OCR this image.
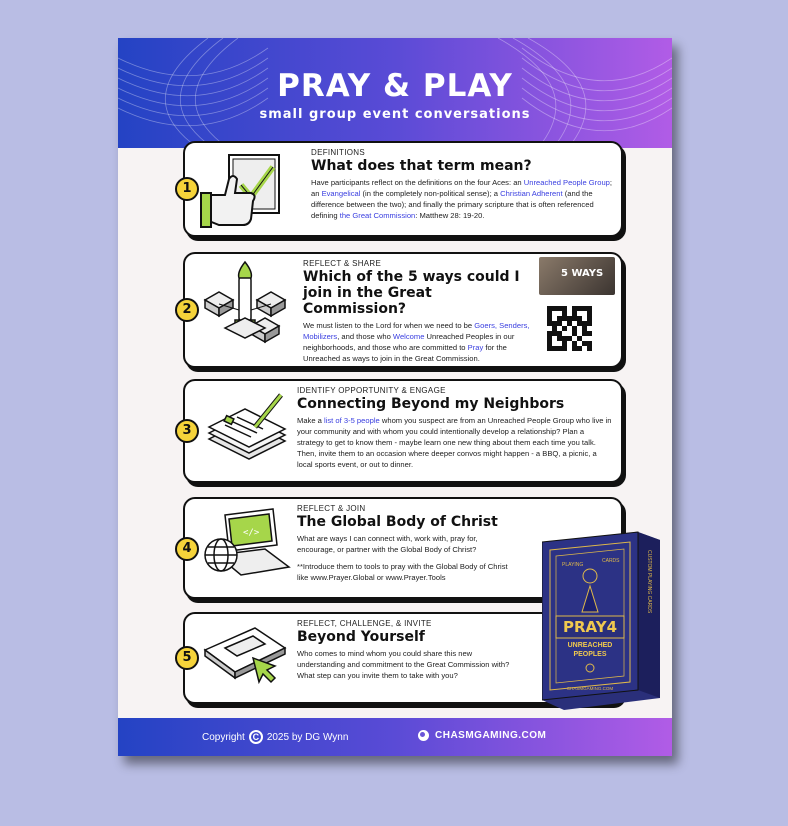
PRAY & PLAY
small group event conversations
1
DEFINITIONS
What does that term mean?
Have participants reflect on the definitions on the four Aces: an Unreached People Group; an Evangelical (in the completely non-political sense); a Christian Adherent (and the difference between the two); and finally the primary scripture that is often referenced defining the Great Commission: Matthew 28: 19-20.
2
REFLECT & SHARE
Which of the 5 ways could I join in the Great Commission?
We must listen to the Lord for when we need to be Goers, Senders, Mobilizers, and those who Welcome Unreached Peoples in our neighborhoods, and those who are committed to Pray for the Unreached as ways to join in the Great Commission.
5 WAYS
3
IDENTIFY OPPORTUNITY & ENGAGE
Connecting Beyond my Neighbors
Make a list of 3-5 people whom you suspect are from an Unreached People Group who live in your community and with whom you could intentionally develop a relationship? Plan a strategy to get to know them - maybe learn one new thing about them each time you talk. Then, invite them to an occasion where deeper convos might happen - a BBQ, a picnic, a local sports event, or out to dinner.
4
</>
REFLECT & JOIN
The Global Body of Christ
What are ways I can connect with, work with, pray for, encourage, or partner with the Global Body of Christ?
**Introduce them to tools to pray with the Global Body of Christ like www.Prayer.Global or www.Prayer.Tools
5
REFLECT, CHALLENGE, & INVITE
Beyond Yourself
Who comes to mind whom you could share this new understanding and commitment to the Great Commission with? What step can you invite them to take with you?
Copyright C 2025 by DG Wynn	CHASMGAMING.COM
PLAYING
CARDS
PRAY4
UNREACHED
PEOPLES
CHASMGAMING.COM
CUSTOM PLAYING CARDS
